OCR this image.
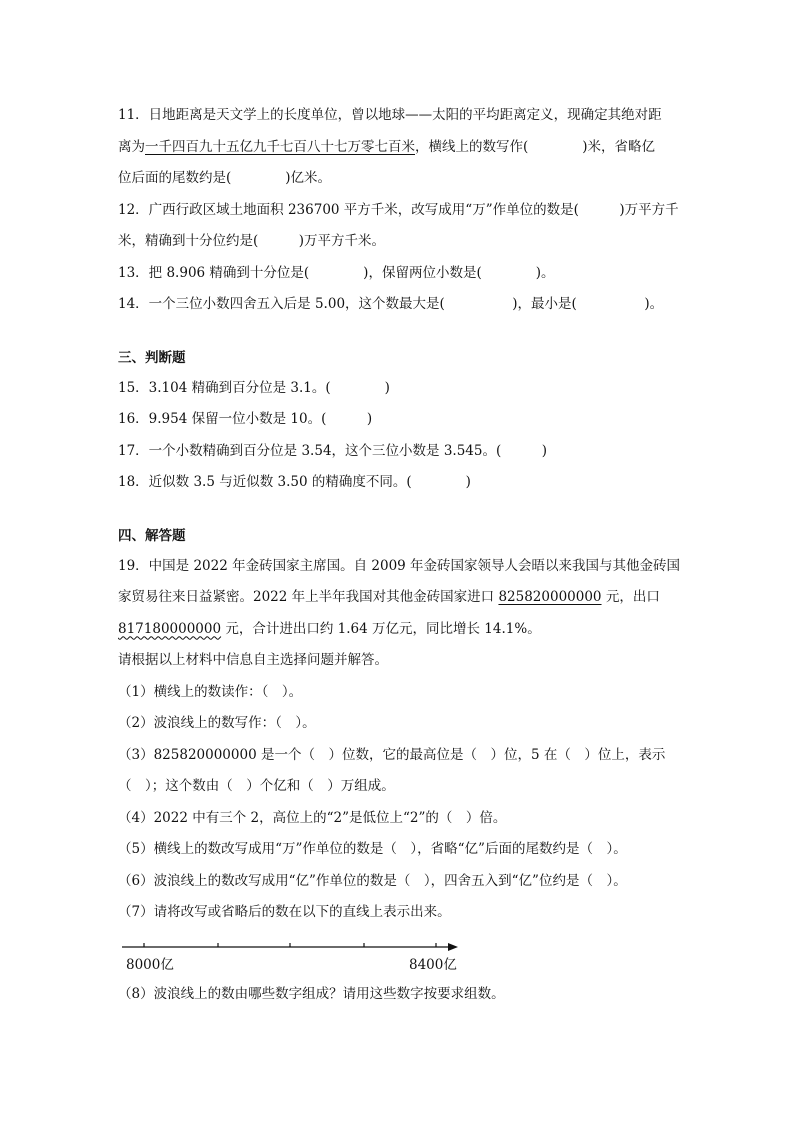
11．日地距离是天文学上的长度单位，曾以地球——太阳的平均距离定义，现确定其绝对距
离为一千四百九十五亿九千七百八十七万零七百米，横线上的数写作(　　　　)米，省略亿
位后面的尾数约是(　　　　)亿米。
12．广西行政区域土地面积 236700 平方千米，改写成用“万”作单位的数是(　　　)万平方千
米，精确到十分位约是(　　　)万平方千米。
13．把 8.906 精确到十分位是(　　　　)，保留两位小数是(　　　　)。
14．一个三位小数四舍五入后是 5.00，这个数最大是(　　　　　)，最小是(　　　　　)。
三、判断题
15．3.104 精确到百分位是 3.1。(　　　　)
16．9.954 保留一位小数是 10。(　　　)
17．一个小数精确到百分位是 3.54，这个三位小数是 3.545。(　　　)
18．近似数 3.5 与近似数 3.50 的精确度不同。(　　　　)
四、解答题
19．中国是 2022 年金砖国家主席国。自 2009 年金砖国家领导人会晤以来我国与其他金砖国
家贸易往来日益紧密。2022 年上半年我国对其他金砖国家进口 825820000000 元，出口
817180000000 元，合计进出口约 1.64 万亿元，同比增长 14.1%。
请根据以上材料中信息自主选择问题并解答。
（1）横线上的数读作：（　）。
（2）波浪线上的数写作：（　）。
（3）825820000000 是一个（　）位数，它的最高位是（　）位，5 在（　）位上，表示
（　）；这个数由（　）个亿和（　）万组成。
（4）2022 中有三个 2，高位上的“2”是低位上“2”的（　）倍。
（5）横线上的数改写成用“万”作单位的数是（　），省略“亿”后面的尾数约是（　）。
（6）波浪线上的数改写成用“亿”作单位的数是（　），四舍五入到“亿”位约是（　）。
（7）请将改写或省略后的数在以下的直线上表示出来。
8000亿	8400亿
（8）波浪线上的数由哪些数字组成？请用这些数字按要求组数。
